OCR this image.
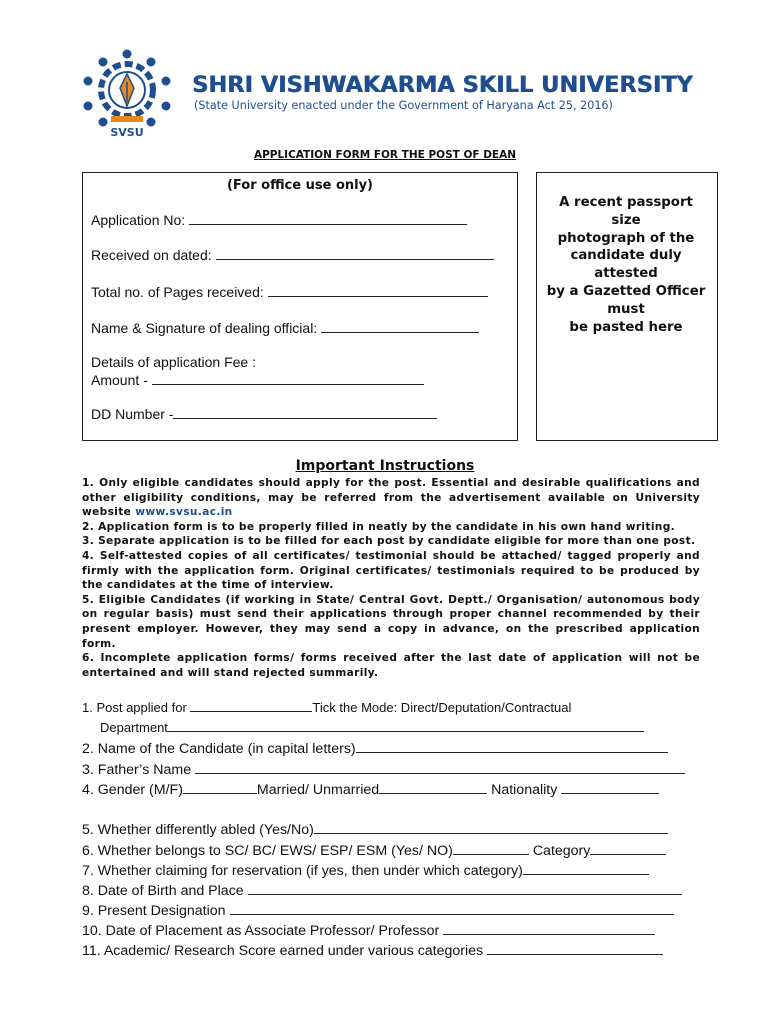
SVSU
SHRI VISHWAKARMA SKILL UNIVERSITY
(State University enacted under the Government of Haryana Act 25, 2016)
APPLICATION FORM FOR THE POST OF DEAN
(For office use only)
Application No:
Received on dated:
Total no. of Pages received:
Name & Signature of dealing official:
Details of application Fee :
Amount -
DD Number -
A recent passport
size
photograph of the
candidate duly
attested
by a Gazetted Officer
must
be pasted here
Important Instructions

1. Only eligible candidates should apply for the post. Essential and desirable qualifications and other eligibility conditions, may be referred from the advertisement available on University website www.svsu.ac.in

2. Application form is to be properly filled in neatly by the candidate in his own hand writing.

3. Separate application is to be filled for each post by candidate eligible for more than one post.

4. Self-attested copies of all certificates/ testimonial should be attached/ tagged properly and firmly with the application form. Original certificates/ testimonials required to be produced by the candidates at the time of interview.

5. Eligible Candidates (if working in State/ Central Govt. Deptt./ Organisation/ autonomous body on regular basis) must send their applications through proper channel recommended by their present employer. However, they may send a copy in advance, on the prescribed application form.

6. Incomplete application forms/ forms received after the last date of application will not be entertained and will stand rejected summarily.

1. Post applied for	Tick the Mode: Direct/Deputation/Contractual
Department
2. Name of the Candidate (in capital letters)
3. Father’s Name
4. Gender (M/F)	Married/ Unmarried	Nationality
5. Whether differently abled (Yes/No)
6. Whether belongs to SC/ BC/ EWS/ ESP/ ESM (Yes/ NO)	Category
7. Whether claiming for reservation (if yes, then under which category)
8. Date of Birth and Place
9. Present Designation
10. Date of Placement as Associate Professor/ Professor
11. Academic/ Research Score earned under various categories
